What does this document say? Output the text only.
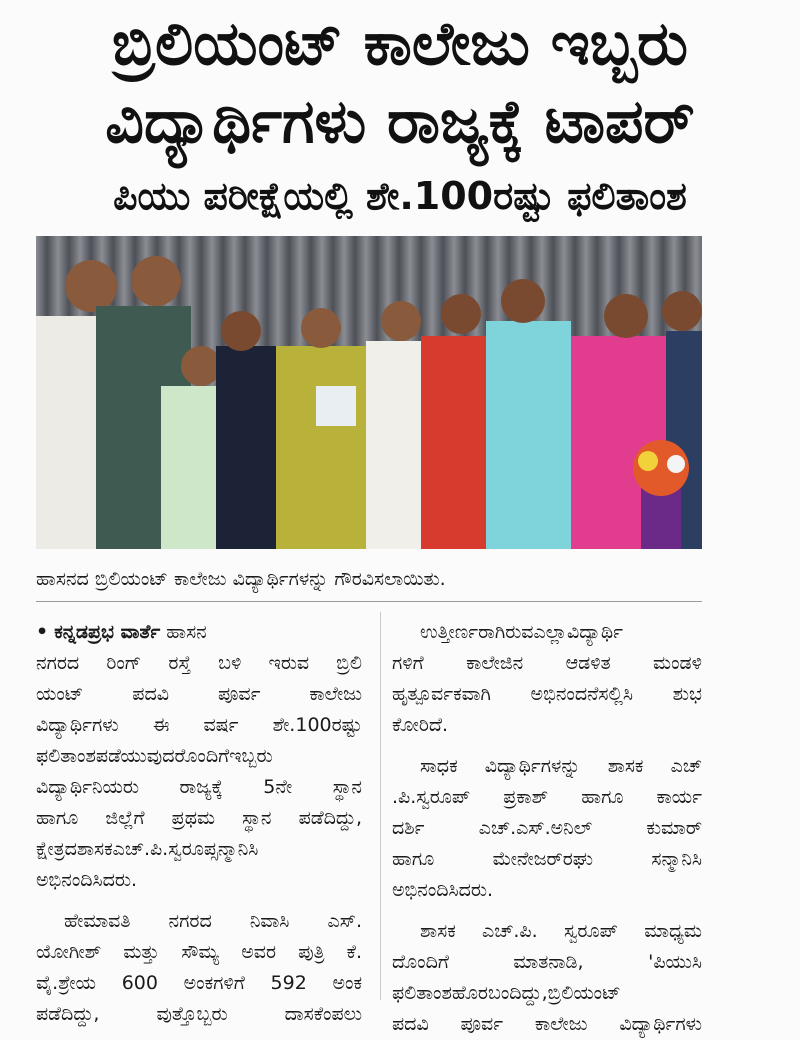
ಬ್ರಿಲಿಯಂಟ್ ಕಾಲೇಜು ಇಬ್ಬರು
ವಿದ್ಯಾರ್ಥಿಗಳು ರಾಜ್ಯಕ್ಕೆ ಟಾಪರ್
ಪಿಯು ಪರೀಕ್ಷೆಯಲ್ಲಿ ಶೇ.100ರಷ್ಟು ಫಲಿತಾಂಶ
ಹಾಸನದ ಬ್ರಿಲಿಯಂಟ್ ಕಾಲೇಜು ವಿದ್ಯಾರ್ಥಿಗಳನ್ನು ಗೌರವಿಸಲಾಯಿತು.
• ಕನ್ನಡಪ್ರಭ ವಾರ್ತೆ ಹಾಸನ
ನಗರದ ರಿಂಗ್ ರಸ್ತೆ ಬಳಿ ಇರುವ ಬ್ರಿಲಿ
ಯಂಟ್ ಪದವಿ ಪೂರ್ವ ಕಾಲೇಜು
ವಿದ್ಯಾರ್ಥಿಗಳು ಈ ವರ್ಷ ಶೇ.100ರಷ್ಟು
ಫಲಿತಾಂಶಪಡೆಯುವುದರೊಂದಿಗೆಇಬ್ಬರು
ವಿದ್ಯಾರ್ಥಿನಿಯರು ರಾಜ್ಯಕ್ಕೆ 5ನೇ ಸ್ಥಾನ
ಹಾಗೂ ಜಿಲ್ಲೆಗೆ ಪ್ರಥಮ ಸ್ಥಾನ ಪಡೆದಿದ್ದು,
ಕ್ಷೇತ್ರದಶಾಸಕಎಚ್.ಪಿ.ಸ್ವರೂಪ್ಸನ್ಮಾನಿಸಿ
ಅಭಿನಂದಿಸಿದರು.
ಹೇಮಾವತಿ ನಗರದ ನಿವಾಸಿ ಎಸ್.
ಯೋಗೀಶ್ ಮತ್ತು ಸೌಮ್ಯ ಅವರ ಪುತ್ರಿ ಕೆ.
ವೈ.ಶ್ರೇಯ 600 ಅಂಕಗಳಿಗೆ 592 ಅಂಕ
ಪಡೆದಿದ್ದು, ವುತ್ತೊಬ್ಬರು ದಾಸಕೆಂಪಲು
ಉತ್ತೀರ್ಣರಾಗಿರುವಎಲ್ಲಾವಿದ್ಯಾರ್ಥಿ
ಗಳಿಗೆ ಕಾಲೇಜಿನ ಆಡಳಿತ ಮಂಡಳಿ
ಹೃತ್ಪೂರ್ವಕವಾಗಿ ಅಭಿನಂದನೆಸಲ್ಲಿಸಿ ಶುಭ
ಕೋರಿದೆ.
ಸಾಧಕ ವಿದ್ಯಾರ್ಥಿಗಳನ್ನು ಶಾಸಕ ಎಚ್
.ಪಿ.ಸ್ವರೂಪ್ ಪ್ರಕಾಶ್ ಹಾಗೂ ಕಾರ್ಯ
ದರ್ಶಿ ಎಚ್.ಎಸ್.ಅನಿಲ್ ಕುಮಾರ್
ಹಾಗೂ ಮೇನೇಜರ್‌ರಘು ಸನ್ಮಾನಿಸಿ
ಅಭಿನಂದಿಸಿದರು.
ಶಾಸಕ ಎಚ್.ಪಿ. ಸ್ವರೂಪ್ ಮಾಧ್ಯಮ
ದೊಂದಿಗೆ ಮಾತನಾಡಿ, 'ಪಿಯುಸಿ
ಫಲಿತಾಂಶಹೊರಬಂದಿದ್ದು,ಬ್ರಿಲಿಯಂಟ್
ಪದವಿ ಪೂರ್ವ ಕಾಲೇಜು ವಿದ್ಯಾರ್ಥಿಗಳು
